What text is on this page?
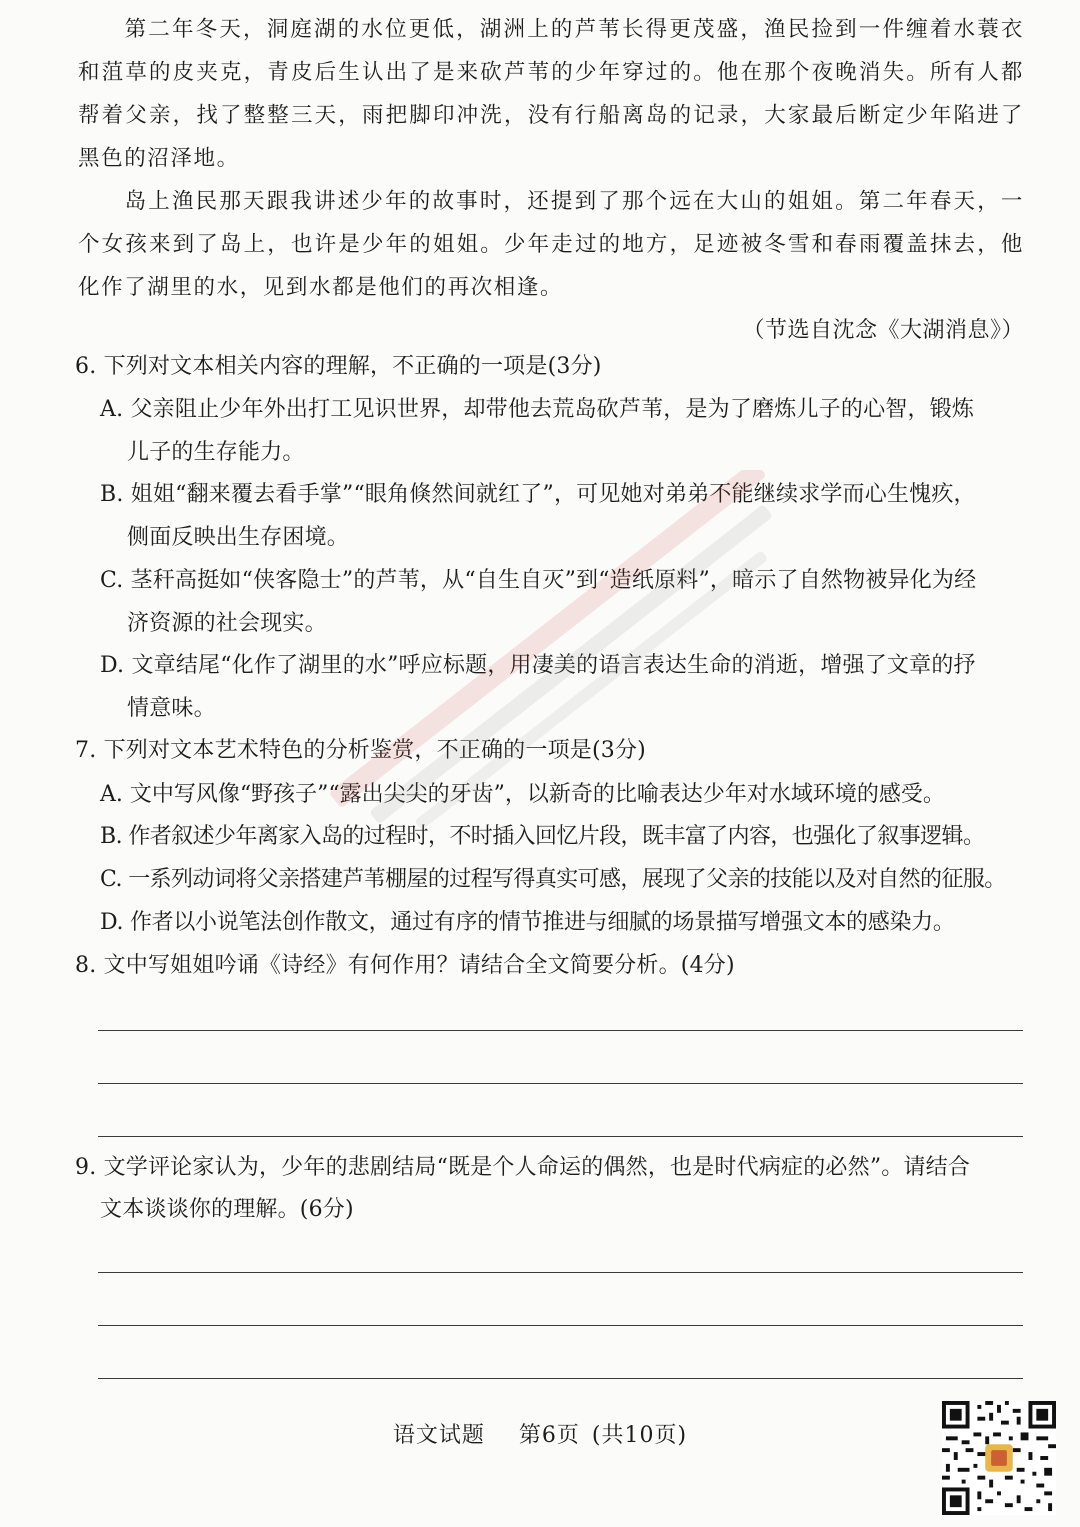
第二年冬天，洞庭湖的水位更低，湖洲上的芦苇长得更茂盛，渔民捡到一件缠着水蓑衣和菹草的皮夹克，青皮后生认出了是来砍芦苇的少年穿过的。他在那个夜晚消失。所有人都帮着父亲，找了整整三天，雨把脚印冲洗，没有行船离岛的记录，大家最后断定少年陷进了黑色的沼泽地。

岛上渔民那天跟我讲述少年的故事时，还提到了那个远在大山的姐姐。第二年春天，一个女孩来到了岛上，也许是少年的姐姐。少年走过的地方，足迹被冬雪和春雨覆盖抹去，他化作了湖里的水，见到水都是他们的再次相逢。

（节选自沈念《大湖消息》）

6. 下列对文本相关内容的理解，不正确的一项是(3分)

A. 父亲阻止少年外出打工见识世界，却带他去荒岛砍芦苇，是为了磨炼儿子的心智，锻炼
儿子的生存能力。

B. 姐姐“翻来覆去看手掌”“眼角倏然间就红了”，可见她对弟弟不能继续求学而心生愧疚，
侧面反映出生存困境。

C. 茎秆高挺如“侠客隐士”的芦苇，从“自生自灭”到“造纸原料”，暗示了自然物被异化为经
济资源的社会现实。

D. 文章结尾“化作了湖里的水”呼应标题，用凄美的语言表达生命的消逝，增强了文章的抒
情意味。

7. 下列对文本艺术特色的分析鉴赏，不正确的一项是(3分)

A. 文中写风像“野孩子”“露出尖尖的牙齿”，以新奇的比喻表达少年对水域环境的感受。

B. 作者叙述少年离家入岛的过程时，不时插入回忆片段，既丰富了内容，也强化了叙事逻辑。

C. 一系列动词将父亲搭建芦苇棚屋的过程写得真实可感，展现了父亲的技能以及对自然的征服。

D. 作者以小说笔法创作散文，通过有序的情节推进与细腻的场景描写增强文本的感染力。

8. 文中写姐姐吟诵《诗经》有何作用？请结合全文简要分析。(4分)

9. 文学评论家认为，少年的悲剧结局“既是个人命运的偶然，也是时代病症的必然”。请结合
文本谈谈你的理解。(6分)

语文试题 第6页 (共10页)
